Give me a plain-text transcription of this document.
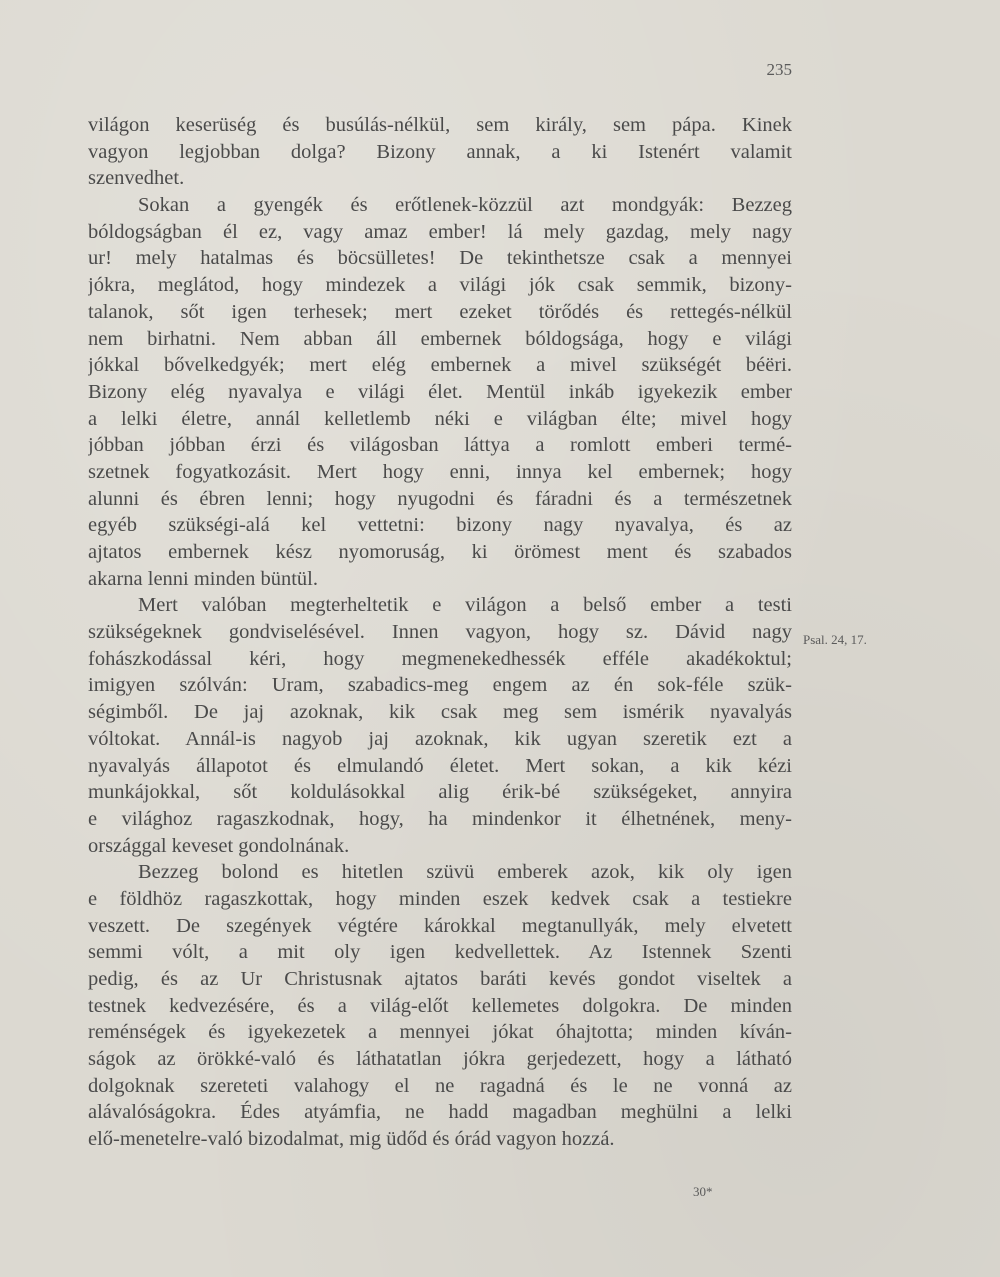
235
világon keserüség és busúlás-nélkül, sem király, sem pápa. Kinek
vagyon legjobban dolga? Bizony annak, a ki Istenért valamit
szenvedhet.
Sokan a gyengék és erőtlenek-közzül azt mondgyák: Bezzeg
bóldogságban él ez, vagy amaz ember! lá mely gazdag, mely nagy
ur! mely hatalmas és böcsülletes! De tekinthetsze csak a mennyei
jókra, meglátod, hogy mindezek a világi jók csak semmik, bizony-
talanok, sőt igen terhesek; mert ezeket törődés és rettegés-nélkül
nem birhatni. Nem abban áll embernek bóldogsága, hogy e világi
jókkal bővelkedgyék; mert elég embernek a mivel szükségét béëri.
Bizony elég nyavalya e világi élet. Mentül inkáb igyekezik ember
a lelki életre, annál kelletlemb néki e világban élte; mivel hogy
jóbban jóbban érzi és világosban láttya a romlott emberi termé-
szetnek fogyatkozásit. Mert hogy enni, innya kel embernek; hogy
alunni és ébren lenni; hogy nyugodni és fáradni és a természetnek
egyéb szükségi-alá kel vettetni: bizony nagy nyavalya, és az
ajtatos embernek kész nyomoruság, ki örömest ment és szabados
akarna lenni minden büntül.
Mert valóban megterheltetik e világon a belső ember a testi
szükségeknek gondviselésével. Innen vagyon, hogy sz. Dávid nagy
fohászkodással kéri, hogy megmenekedhessék efféle akadékoktul;
imigyen szólván: Uram, szabadics-meg engem az én sok-féle szük-
ségimből. De jaj azoknak, kik csak meg sem ismérik nyavalyás
vóltokat. Annál-is nagyob jaj azoknak, kik ugyan szeretik ezt a
nyavalyás állapotot és elmulandó életet. Mert sokan, a kik kézi
munkájokkal, sőt koldulásokkal alig érik-bé szükségeket, annyira
e világhoz ragaszkodnak, hogy, ha mindenkor it élhetnének, meny-
országgal keveset gondolnának.
Bezzeg bolond es hitetlen szüvü emberek azok, kik oly igen
e földhöz ragaszkottak, hogy minden eszek kedvek csak a testiekre
veszett. De szegények végtére károkkal megtanullyák, mely elvetett
semmi vólt, a mit oly igen kedvellettek. Az Istennek Szenti
pedig, és az Ur Christusnak ajtatos baráti kevés gondot viseltek a
testnek kedvezésére, és a világ-előt kellemetes dolgokra. De minden
reménségek és igyekezetek a mennyei jókat óhajtotta; minden kíván-
ságok az örökké-való és láthatatlan jókra gerjedezett, hogy a látható
dolgoknak szereteti valahogy el ne ragadná és le ne vonná az
alávalóságokra. Édes atyámfia, ne hadd magadban meghülni a lelki
elő-menetelre-való bizodalmat, mig üdőd és órád vagyon hozzá.
Psal. 24, 17.
30*
